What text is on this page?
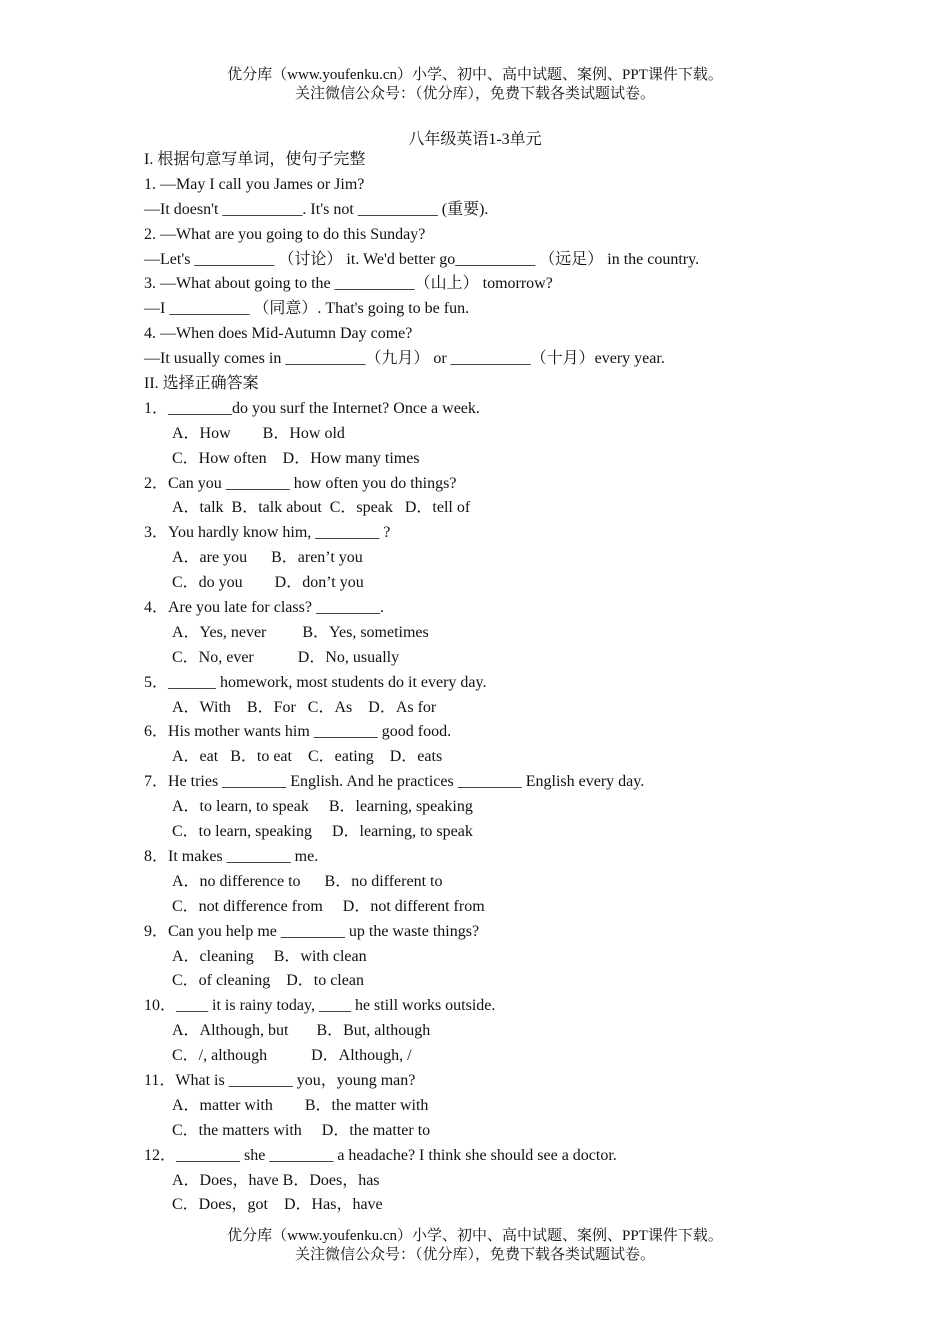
优分库（www.youfenku.cn）小学、初中、高中试题、案例、PPT课件下载。
关注微信公众号：（优分库），免费下载各类试题试卷。
八年级英语1-3单元
I. 根据句意写单词，使句子完整
1. —May I call you James or Jim?
—It doesn't __________. It's not __________ (重要).
2. —What are you going to do this Sunday?
—Let's __________ （讨论） it. We'd better go__________ （远足） in the country.
3. —What about going to the __________（山上） tomorrow?
—I __________ （同意）. That's going to be fun.
4. —When does Mid-Autumn Day come?
—It usually comes in __________（九月） or __________（十月）every year.
II. 选择正确答案
1．________do you surf the Internet? Once a week.
A．How        B．How old
C．How often    D．How many times
2．Can you ________ how often you do things?
A．talk  B．talk about  C．speak   D．tell of
3．You hardly know him, ________ ?
A．are you      B．aren’t you
C．do you        D．don’t you
4．Are you late for class? ________.
A．Yes, never         B．Yes, sometimes
C．No, ever           D．No, usually
5．______ homework, most students do it every day.
A．With    B．For   C．As    D．As for
6．His mother wants him ________ good food.
A．eat   B．to eat    C．eating    D．eats
7．He tries ________ English. And he practices ________ English every day.
A．to learn, to speak     B．learning, speaking
C．to learn, speaking     D．learning, to speak
8．It makes ________ me.
A．no difference to      B．no different to
C．not difference from     D．not different from
9．Can you help me ________ up the waste things?
A．cleaning     B．with clean
C．of cleaning    D．to clean
10．____ it is rainy today, ____ he still works outside.
A．Although, but       B．But, although
C．/, although           D．Although, /
11．What is ________ you，young man?
A．matter with        B．the matter with
C．the matters with     D．the matter to
12．________ she ________ a headache? I think she should see a doctor.
A．Does，have B．Does，has
C．Does，got    D．Has，have
优分库（www.youfenku.cn）小学、初中、高中试题、案例、PPT课件下载。
关注微信公众号：（优分库），免费下载各类试题试卷。
